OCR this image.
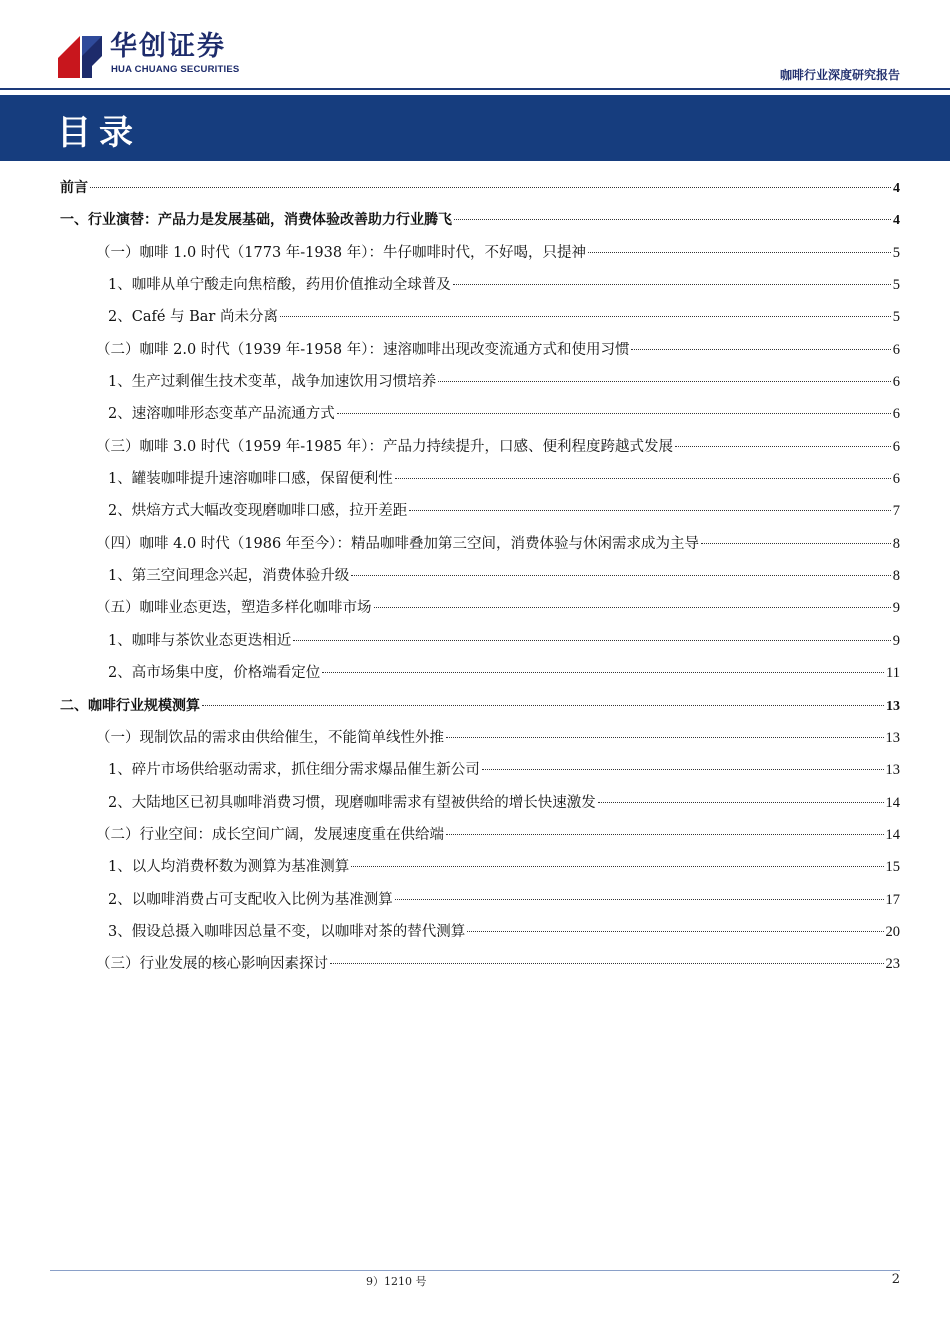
华创证券
HUA CHUANG SECURITIES	咖啡行业深度研究报告
目录
前言	4
一、行业演替：产品力是发展基础，消费体验改善助力行业腾飞	4
（一）咖啡 1.0 时代（1773 年-1938 年）：牛仔咖啡时代，不好喝，只提神	5
1、咖啡从单宁酸走向焦棓酸，药用价值推动全球普及	5
2、Café 与 Bar 尚未分离	5
（二）咖啡 2.0 时代（1939 年-1958 年）：速溶咖啡出现改变流通方式和使用习惯	6
1、生产过剩催生技术变革，战争加速饮用习惯培养	6
2、速溶咖啡形态变革产品流通方式	6
（三）咖啡 3.0 时代（1959 年-1985 年）：产品力持续提升，口感、便利程度跨越式发展	6
1、罐装咖啡提升速溶咖啡口感，保留便利性	6
2、烘焙方式大幅改变现磨咖啡口感，拉开差距	7
（四）咖啡 4.0 时代（1986 年至今）：精品咖啡叠加第三空间，消费体验与休闲需求成为主导	8
1、第三空间理念兴起，消费体验升级	8
（五）咖啡业态更迭，塑造多样化咖啡市场	9
1、咖啡与茶饮业态更迭相近	9
2、高市场集中度，价格端看定位	11
二、咖啡行业规模测算	13
（一）现制饮品的需求由供给催生，不能简单线性外推	13
1、碎片市场供给驱动需求，抓住细分需求爆品催生新公司	13
2、大陆地区已初具咖啡消费习惯，现磨咖啡需求有望被供给的增长快速激发	14
（二）行业空间：成长空间广阔，发展速度重在供给端	14
1、以人均消费杯数为测算为基准测算	15
2、以咖啡消费占可支配收入比例为基准测算	17
3、假设总摄入咖啡因总量不变，以咖啡对茶的替代测算	20
（三）行业发展的核心影响因素探讨	23
9）1210 号	2
